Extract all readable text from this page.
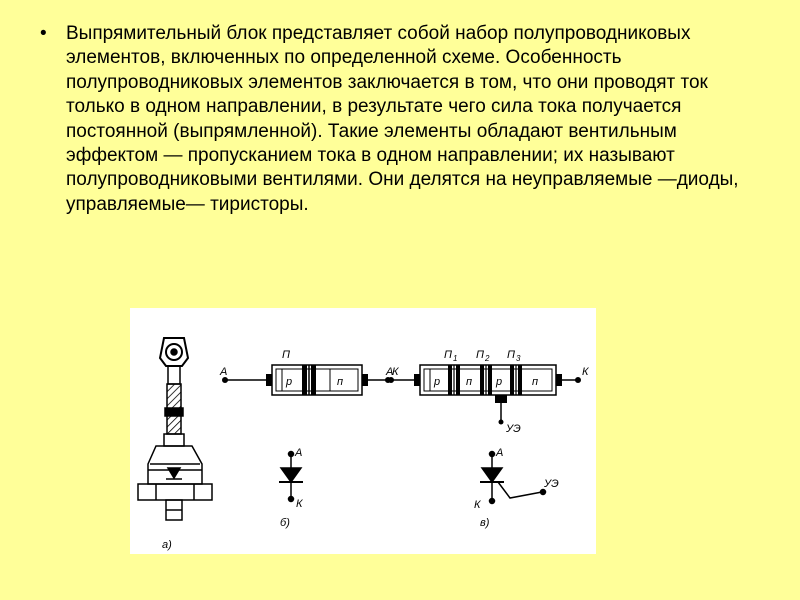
•	Выпрямительный блок представляет собой набор полупроводниковых элементов, включенных по определенной схеме. Особенность полупроводниковых элементов заключается в том, что они проводят ток только в одном направлении, в результате чего сила тока получается постоянной (выпрямленной). Такие элементы обладают вентильным эффектом — пропусканием тока в одном направлении; их называют полупроводниковыми вентилями. Они делятся на неуправляемые —диоды, управляемые— тиристоры.
а)
А	К
П
р	п
А
К
б)
А	К
П 1 П 2 П 3
р п р	п
УЭ
А
К
УЭ
в)
